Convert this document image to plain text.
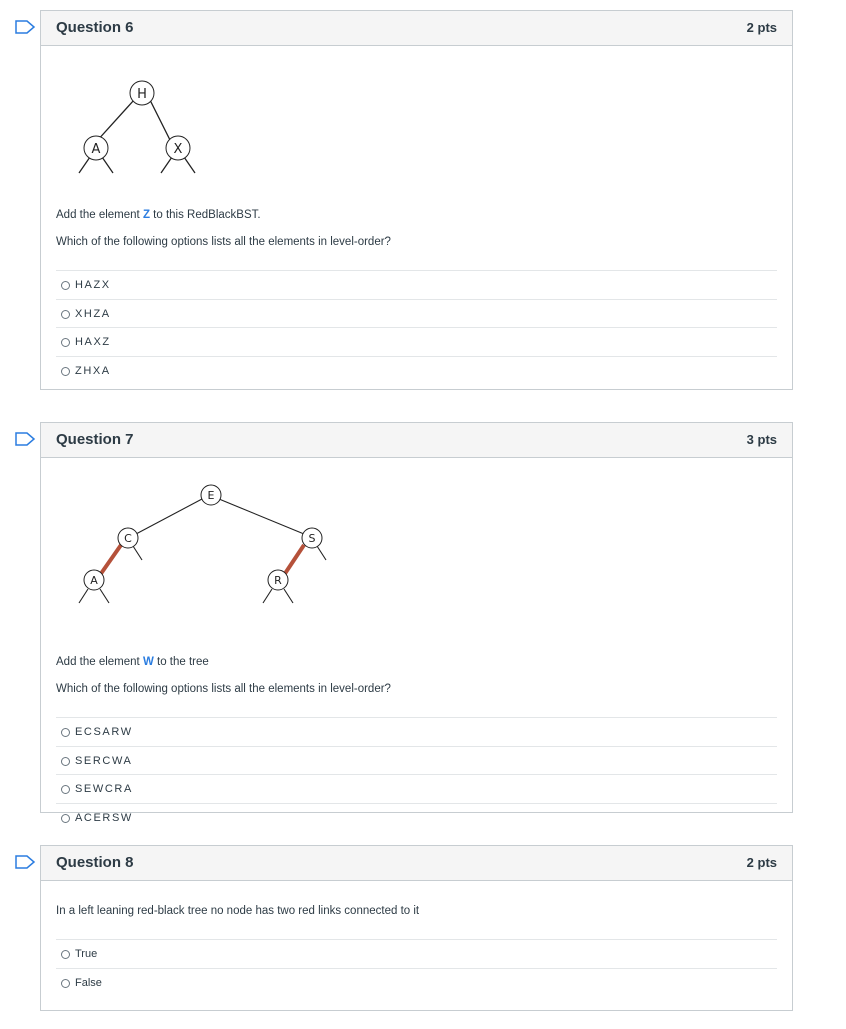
Question 6	2 pts
H
A	X
Add the element Z to this RedBlackBST.
Which of the following options lists all the elements in level-order?
HAZX
XHZA
HAXZ
ZHXA
Question 7	3 pts
E
C	S
A	R
Add the element W to the tree
Which of the following options lists all the elements in level-order?
ECSARW
SERCWA
SEWCRA
ACERSW
Question 8	2 pts
In a left leaning red-black tree no node has two red links connected to it
True
False
